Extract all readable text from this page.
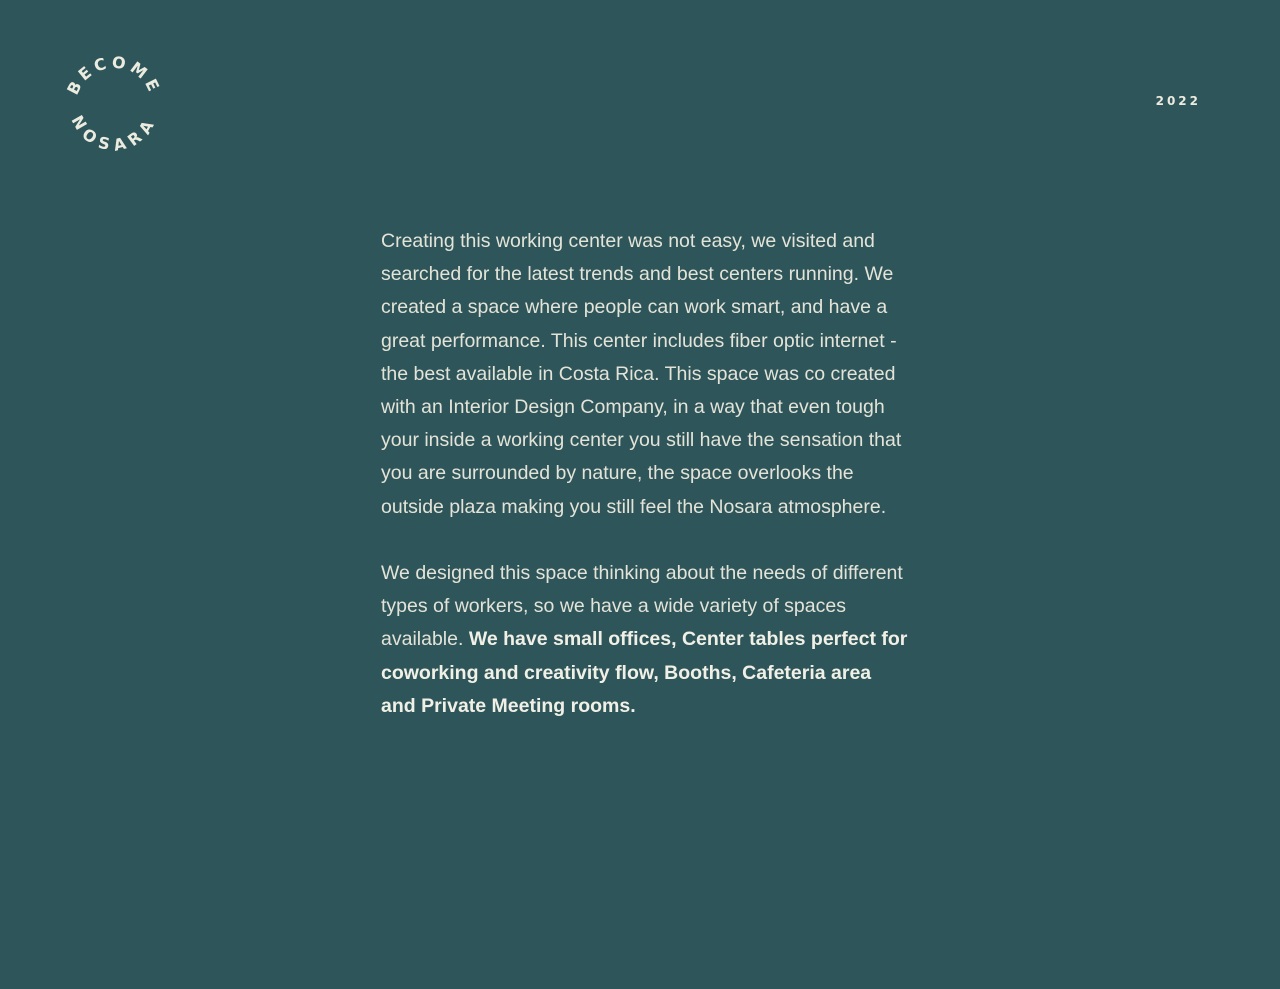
BECOME
NOSARA
2022

Creating this working center was not easy, we visited and searched for the latest trends and best centers running. We created a space where people can work smart, and have a great performance. This center includes fiber optic internet - the best available in Costa Rica. This space was co created with an Interior Design Company, in a way that even tough your inside a working center you still have the sensation that you are surrounded by nature, the space overlooks the outside plaza making you still feel the Nosara atmosphere.

We designed this space thinking about the needs of different types of workers, so we have a wide variety of spaces available. We have small offices, Center tables perfect for coworking and creativity flow, Booths, Cafeteria area and Private Meeting rooms.
